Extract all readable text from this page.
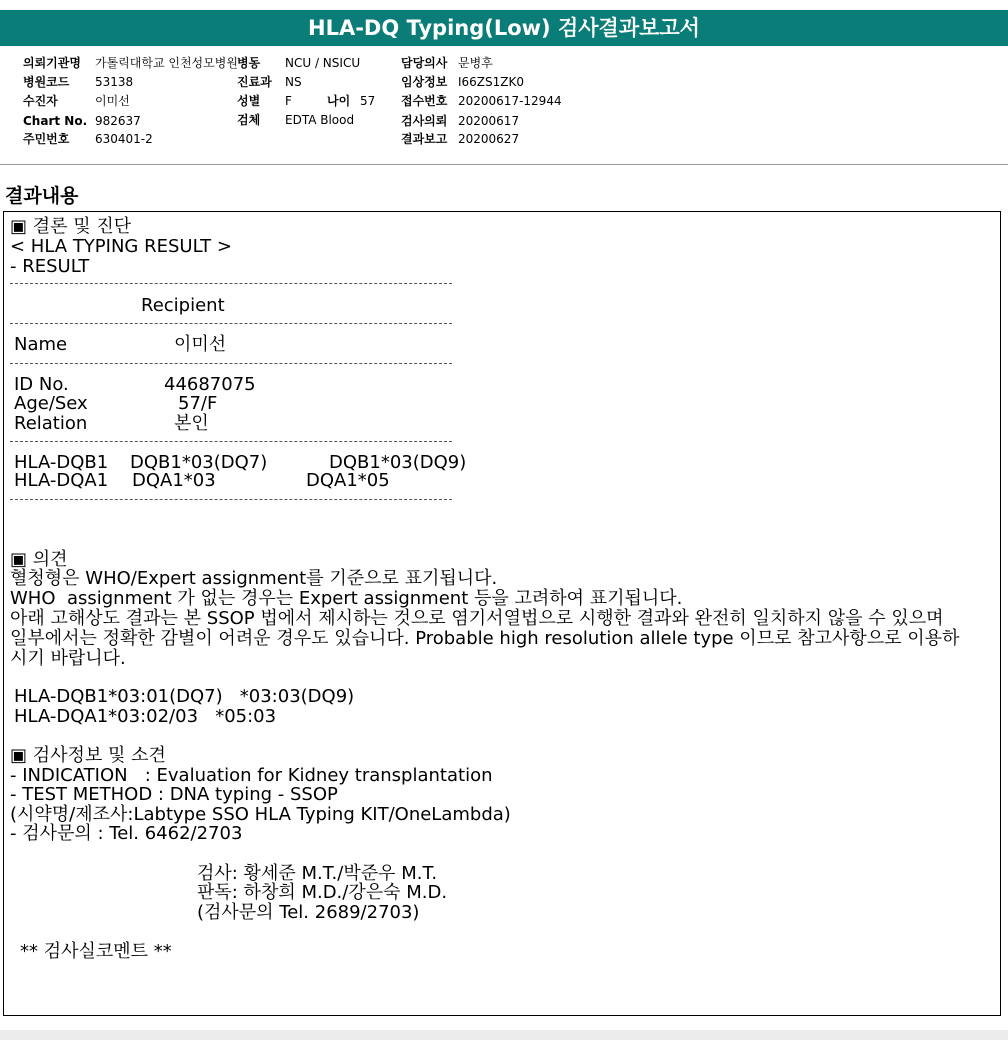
HLA-DQ Typing(Low) 검사결과보고서
의뢰기관명 가톨릭대학교 인천성모병원
병원코드 53138
수진자	이미선
Chart No. 982637
주민번호 630401-2
병동 NCU / NSICU
진료과 NS
성별 F	나이 57
검체 EDTA Blood
담당의사 문병후
임상정보 I66ZS1ZK0
접수번호 20200617-12944
검사의뢰 20200617
결과보고 20200627
결과내용
▣ 결론 및 진단
< HLA TYPING RESULT >
- RESULT
Recipient
Name	이미선
ID No.	44687075
Age/Sex	57/F
Relation	본인
HLA-DQB1 DQB1*03(DQ7)	DQB1*03(DQ9)
HLA-DQA1 DQA1*03	DQA1*05
▣ 의견
혈청형은 WHO/Expert assignment를 기준으로 표기됩니다.
WHO  assignment 가 없는 경우는 Expert assignment 등을 고려하여 표기됩니다.
아래 고해상도 결과는 본 SSOP 법에서 제시하는 것으로 염기서열법으로 시행한 결과와 완전히 일치하지 않을 수 있으며
일부에서는 정확한 감별이 어려운 경우도 있습니다. Probable high resolution allele type 이므로 참고사항으로 이용하
시기 바랍니다.
HLA-DQB1*03:01(DQ7)   *03:03(DQ9)
HLA-DQA1*03:02/03   *05:03
▣ 검사정보 및 소견
- INDICATION   : Evaluation for Kidney transplantation
- TEST METHOD : DNA typing - SSOP
(시약명/제조사:Labtype SSO HLA Typing KIT/OneLambda)
- 검사문의 : Tel. 6462/2703
검사: 황세준 M.T./박준우 M.T.
판독: 하창희 M.D./강은숙 M.D.
(검사문의 Tel. 2689/2703)
** 검사실코멘트 **
